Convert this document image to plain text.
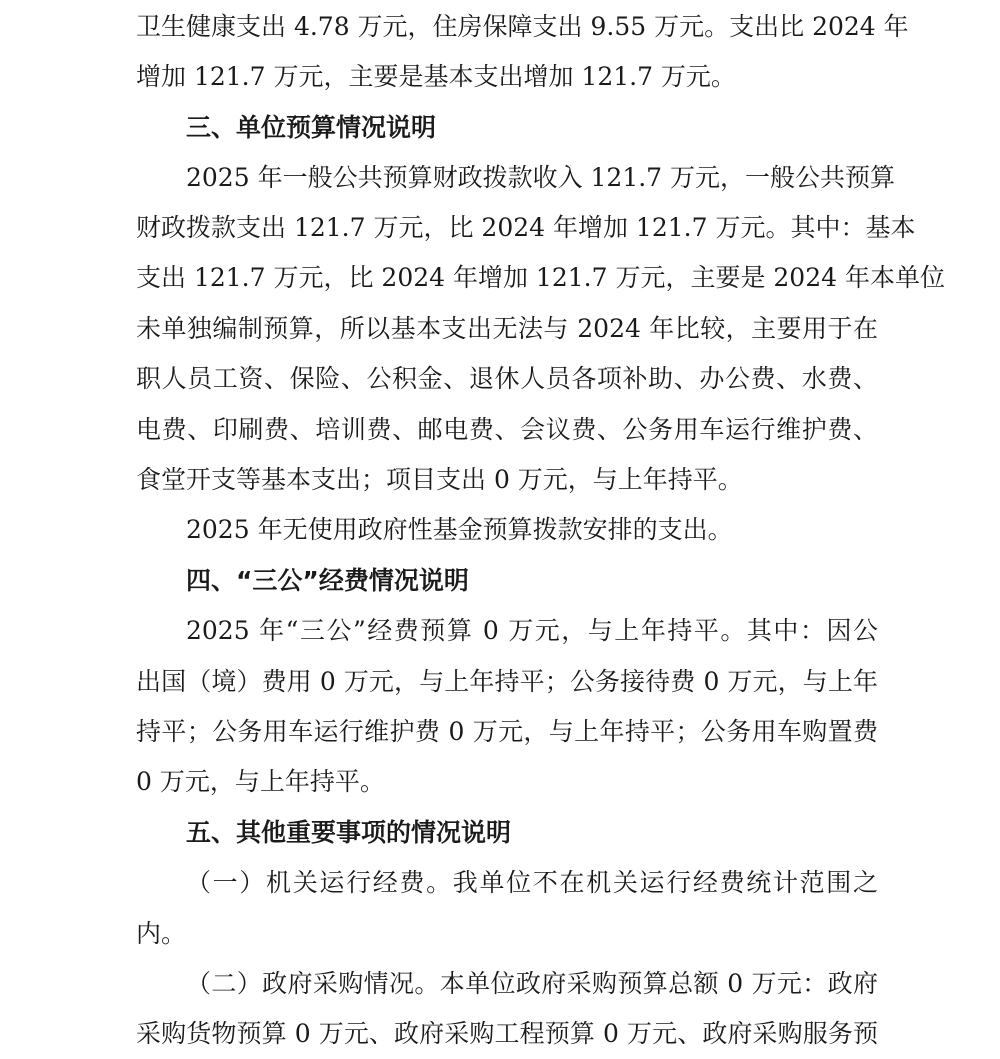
卫生健康支出 4.78 万元，住房保障支出 9.55 万元。支出比 2024 年
增加 121.7 万元，主要是基本支出增加 121.7 万元。
三、单位预算情况说明
2025 年一般公共预算财政拨款收入 121.7 万元，一般公共预算
财政拨款支出 121.7 万元，比 2024 年增加 121.7 万元。其中：基本
支出 121.7 万元，比 2024 年增加 121.7 万元，主要是 2024 年本单位
未单独编制预算，所以基本支出无法与 2024 年比较，主要用于在
职人员工资、保险、公积金、退休人员各项补助、办公费、水费、
电费、印刷费、培训费、邮电费、会议费、公务用车运行维护费、
食堂开支等基本支出；项目支出 0 万元，与上年持平。
2025 年无使用政府性基金预算拨款安排的支出。
四、“三公”经费情况说明
2025 年“三公”经费预算 0 万元，与上年持平。其中：因公
出国（境）费用 0 万元，与上年持平；公务接待费 0 万元，与上年
持平；公务用车运行维护费 0 万元，与上年持平；公务用车购置费
0 万元，与上年持平。
五、其他重要事项的情况说明
（一）机关运行经费。我单位不在机关运行经费统计范围之
内。
（二）政府采购情况。本单位政府采购预算总额 0 万元：政府
采购货物预算 0 万元、政府采购工程预算 0 万元、政府采购服务预
